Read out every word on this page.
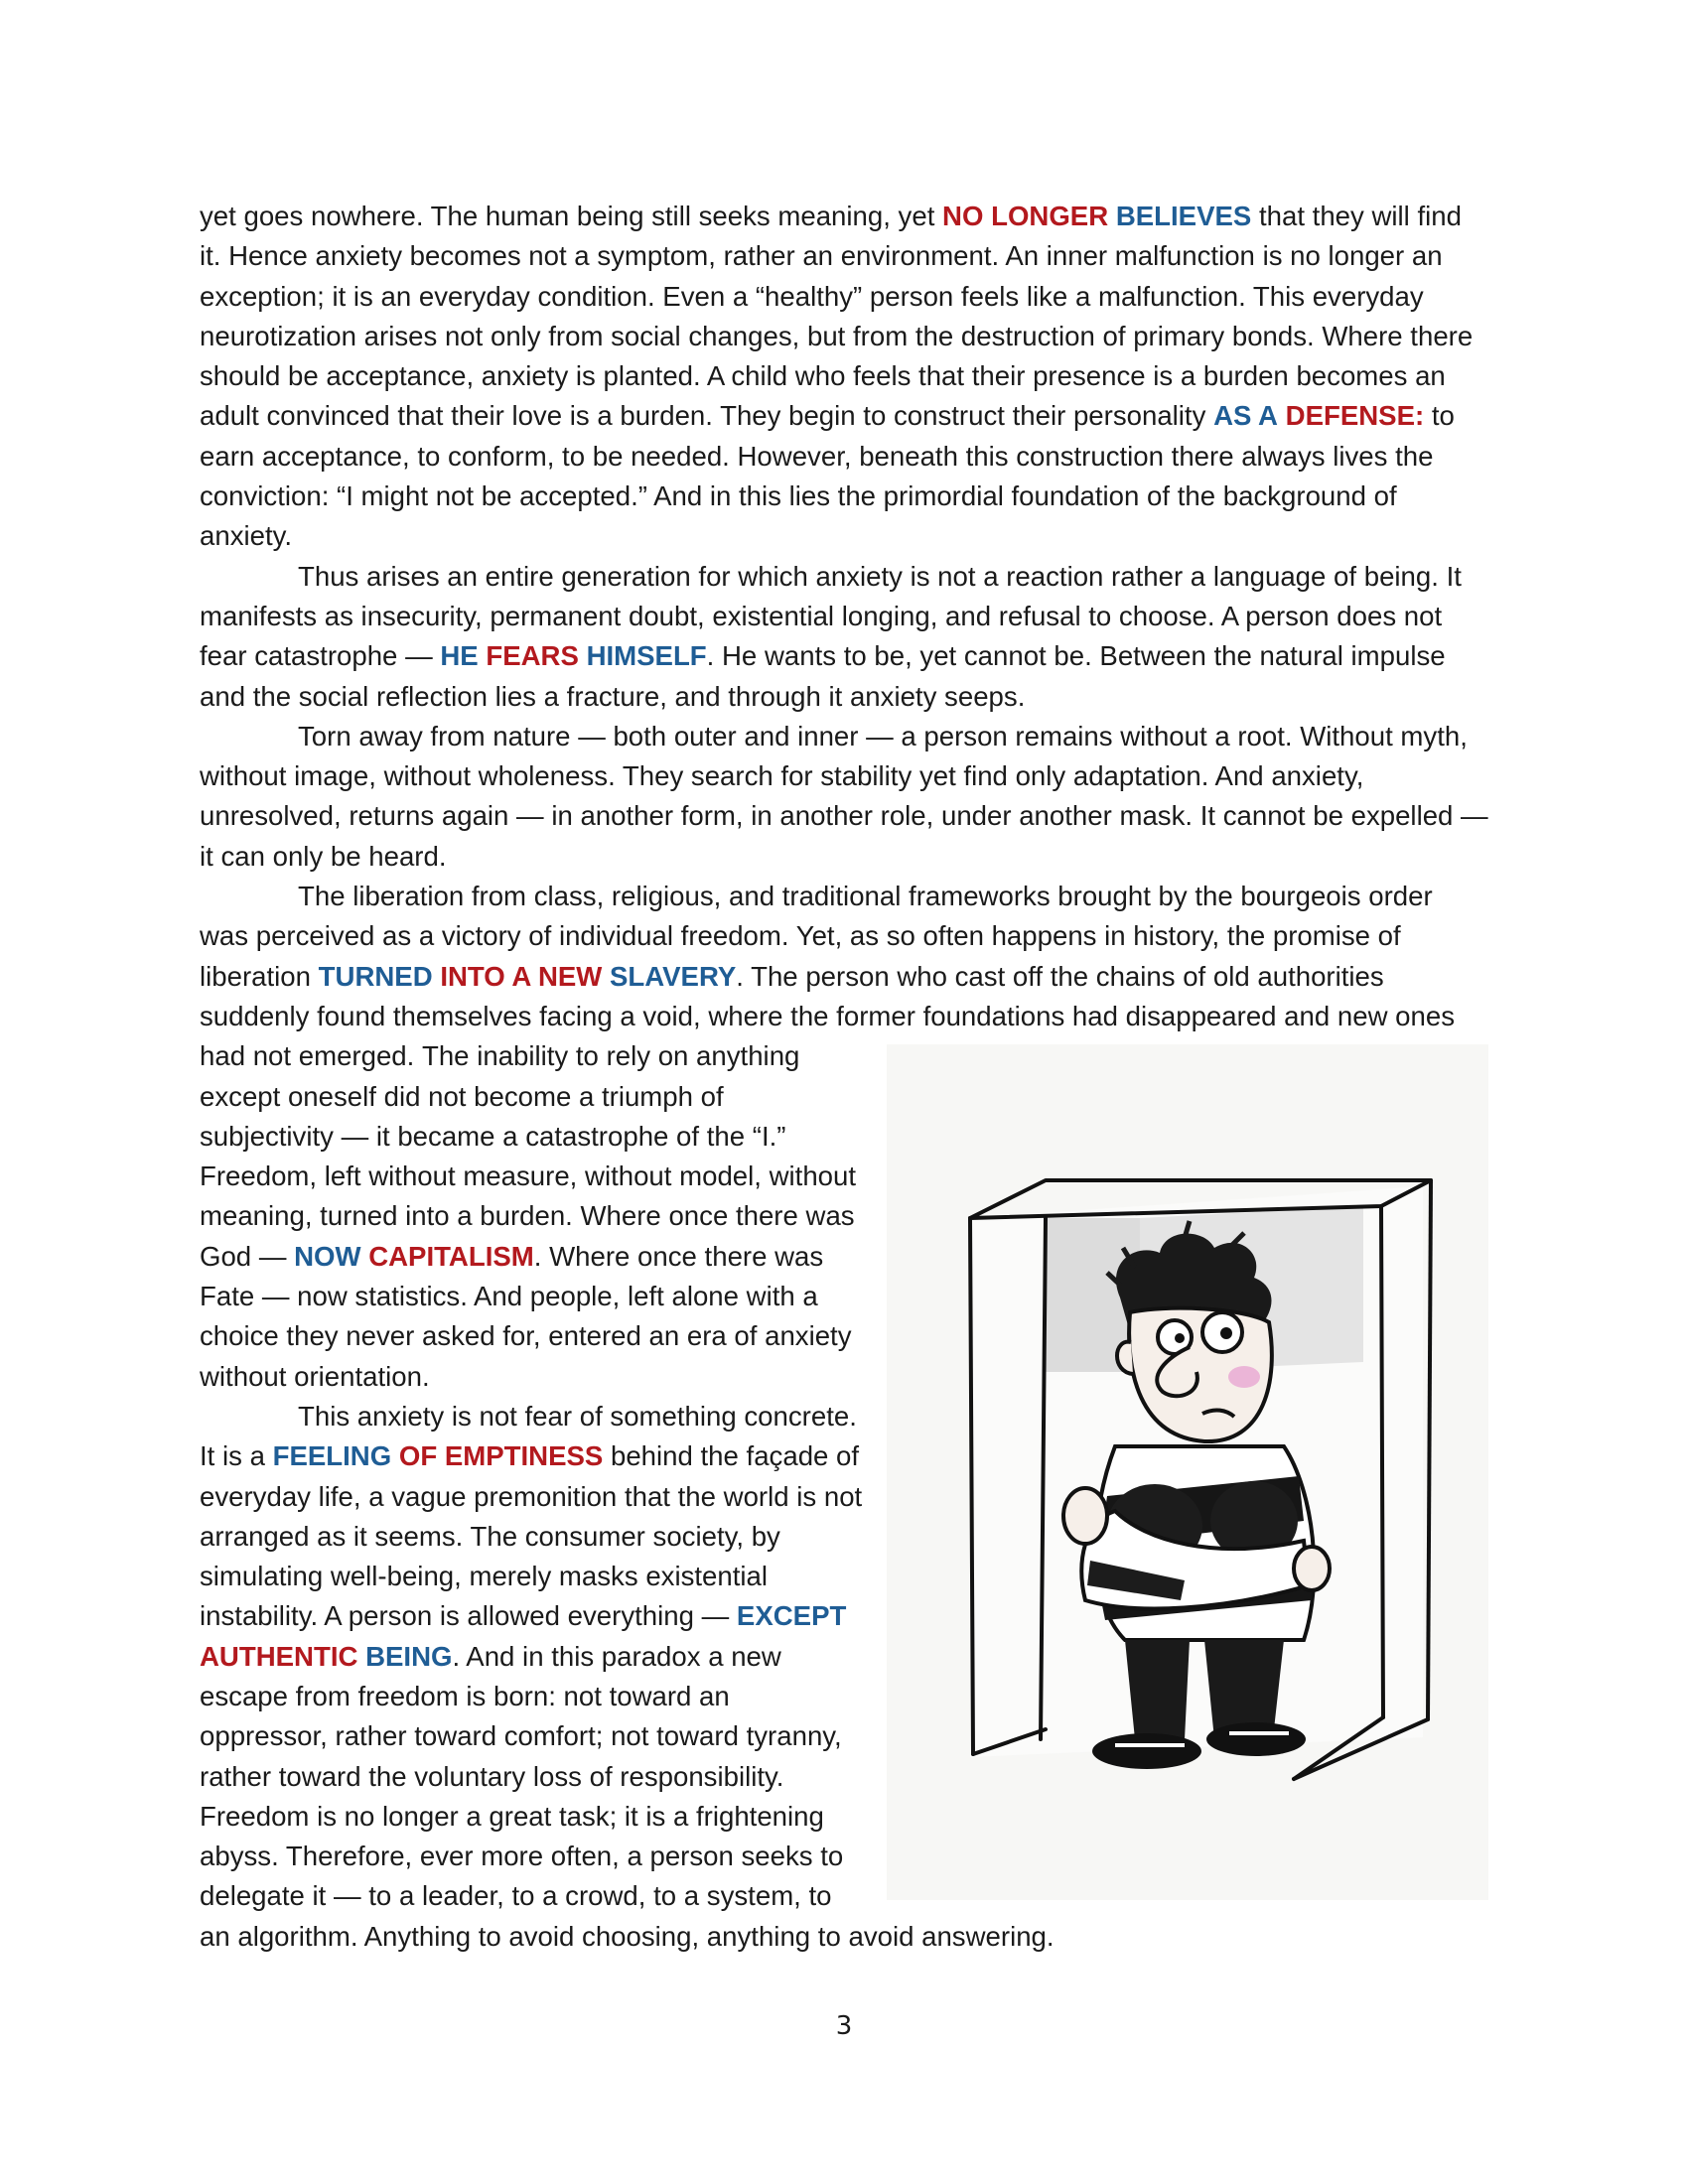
yet goes nowhere. The human being still seeks meaning, yet NO LONGER BELIEVES that they will find it. Hence anxiety becomes not a symptom, rather an environment. An inner malfunction is no longer an exception; it is an everyday condition. Even a “healthy” person feels like a malfunction. This everyday neurotization arises not only from social changes, but from the destruction of primary bonds. Where there should be acceptance, anxiety is planted. A child who feels that their presence is a burden becomes an adult convinced that their love is a burden. They begin to construct their personality AS A DEFENSE: to earn acceptance, to conform, to be needed. However, beneath this construction there always lives the conviction: “I might not be accepted.” And in this lies the primordial foundation of the background of anxiety.

Thus arises an entire generation for which anxiety is not a reaction rather a language of being. It manifests as insecurity, permanent doubt, existential longing, and refusal to choose. A person does not fear catastrophe — HE FEARS HIMSELF. He wants to be, yet cannot be. Between the natural impulse and the social reflection lies a fracture, and through it anxiety seeps.

Torn away from nature — both outer and inner — a person remains without a root. Without myth, without image, without wholeness. They search for stability yet find only adaptation. And anxiety, unresolved, returns again — in another form, in another role, under another mask. It cannot be expelled — it can only be heard.

The liberation from class, religious, and traditional frameworks brought by the bourgeois order was perceived as a victory of individual freedom. Yet, as so often happens in history, the promise of liberation TURNED INTO A NEW SLAVERY. The person who cast off the chains of old authorities suddenly found themselves facing a void, where the former foundations had disappeared and new ones had not emerged.
The inability to rely on anything except oneself did not become a triumph of subjectivity — it became a catastrophe of the “I.” Freedom, left without measure, without model, without meaning, turned into a burden. Where once there was God — NOW CAPITALISM. Where once there was Fate — now statistics. And people, left alone with a choice they never asked for, entered an era of anxiety without orientation.

This anxiety is not fear of something concrete. It is a FEELING OF EMPTINESS behind the façade of everyday life, a vague premonition that the world is not arranged as it seems. The consumer society, by simulating well-being, merely masks existential instability. A person is allowed everything — EXCEPT AUTHENTIC BEING. And in this paradox a new escape from freedom is born: not toward an oppressor, rather toward comfort; not toward tyranny, rather toward the voluntary loss of responsibility. Freedom is no longer a great task; it is a frightening abyss. Therefore, ever more often, a person seeks to delegate it — to a leader, to a crowd, to a system, to an algorithm. Anything to avoid choosing, anything to avoid answering.

3
